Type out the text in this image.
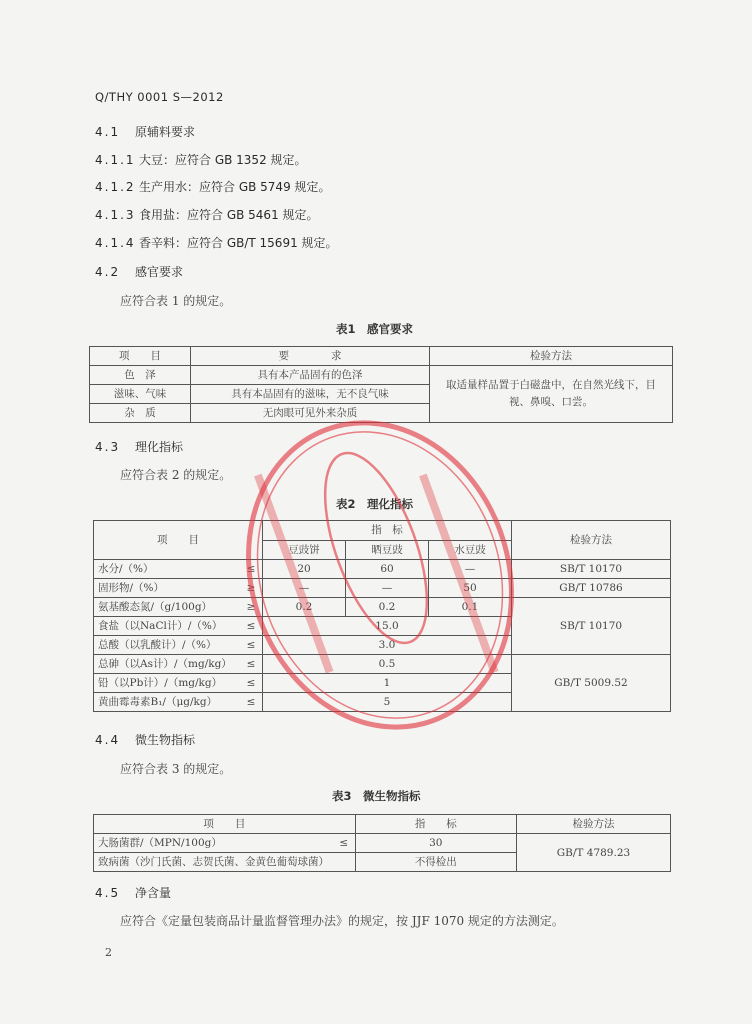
Q/THY 0001 S—2012
4.1 原辅料要求
4.1.1 大豆：应符合 GB 1352 规定。
4.1.2 生产用水：应符合 GB 5749 规定。
4.1.3 食用盐：应符合 GB 5461 规定。
4.1.4 香辛料：应符合 GB/T 15691 规定。
4.2 感官要求
应符合表 1 的规定。
表1　感官要求
项　　目	要　　　　求	检验方法
色　泽	具有本产品固有的色泽	取适量样品置于白磁盘中，在自然光线下，目视、鼻嗅、口尝。
滋味、气味	具有本品固有的滋味，无不良气味	
杂　质	无肉眼可见外来杂质	
4.3 理化指标
应符合表 2 的规定。
表2　理化指标
项　　目		指　标			检验方法
		豆豉饼	晒豆豉	水豆豉	
水分/（%）	≤	20	60	—	SB/T 10170
固形物/（%）	≥	—	—	50	GB/T 10786
氨基酸态氮/（g/100g）	≥	0.2	0.2	0.1	SB/T 10170
食盐（以NaCl计）/（%）	≤	15.0			
总酸（以乳酸计）/（%）	≤	3.0			
总砷（以As计）/（mg/kg）	≤	0.5			GB/T 5009.52
铅（以Pb计）/（mg/kg）	≤	1			
黄曲霉毒素B₁/（μg/kg）	≤	5			
4.4 微生物指标
应符合表 3 的规定。
表3　微生物指标
项　　目		指　　标	检验方法
大肠菌群/（MPN/100g）	≤	30	GB/T 4789.23
致病菌（沙门氏菌、志贺氏菌、金黄色葡萄球菌）		不得检出	
4.5 净含量
应符合《定量包装商品计量监督管理办法》的规定，按 JJF 1070 规定的方法测定。
2
